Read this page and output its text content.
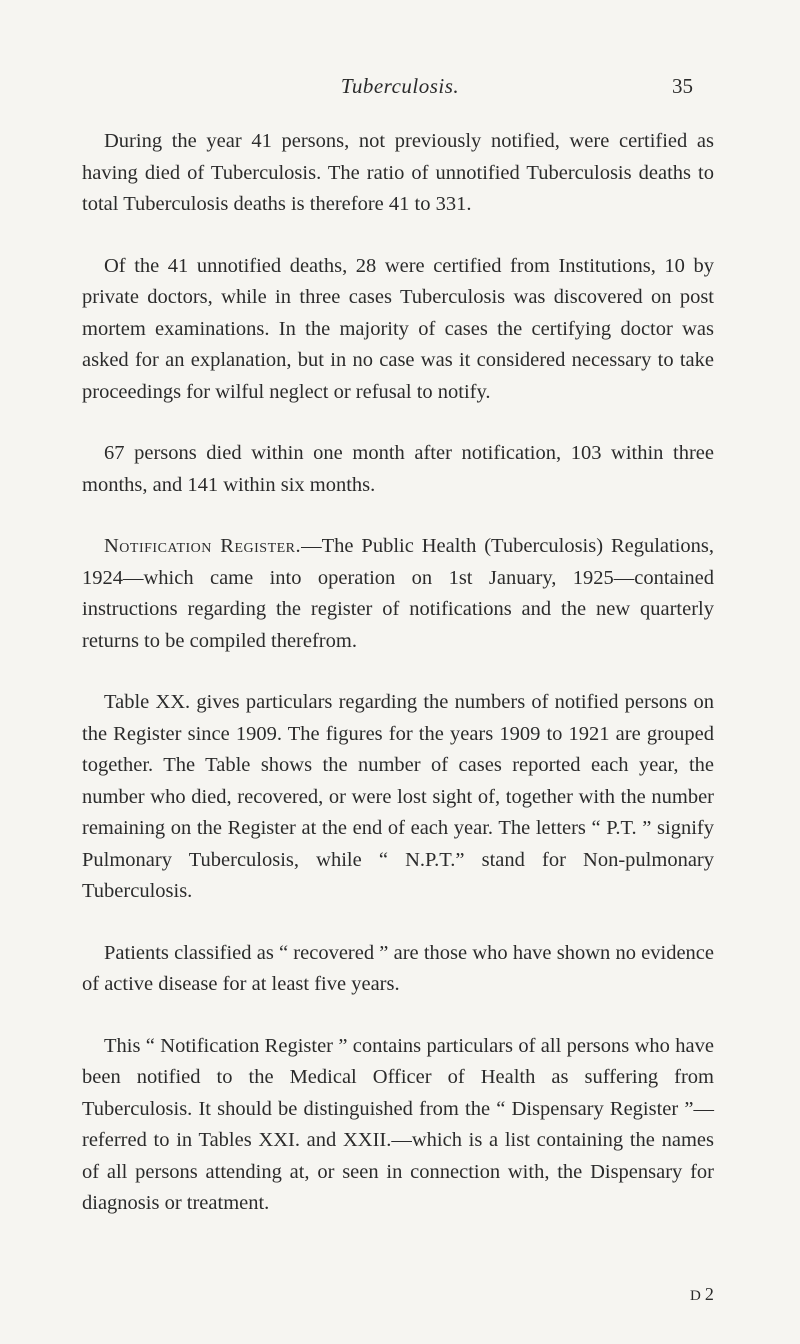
Tuberculosis.	35

During the year 41 persons, not previously notified, were certified as having died of Tuberculosis. The ratio of unnotified Tuberculosis deaths to total Tuberculosis deaths is therefore 41 to 331.

Of the 41 unnotified deaths, 28 were certified from Institutions, 10 by private doctors, while in three cases Tuberculosis was discovered on post mortem examinations. In the majority of cases the certifying doctor was asked for an explanation, but in no case was it considered necessary to take proceedings for wilful neglect or refusal to notify.

67 persons died within one month after notification, 103 within three months, and 141 within six months.

Notification Register.—The Public Health (Tuberculosis) Regulations, 1924—which came into operation on 1st January, 1925—contained instructions regarding the register of notifications and the new quarterly returns to be compiled therefrom.

Table XX. gives particulars regarding the numbers of notified persons on the Register since 1909. The figures for the years 1909 to 1921 are grouped together. The Table shows the number of cases reported each year, the number who died, recovered, or were lost sight of, together with the number remaining on the Register at the end of each year. The letters “ P.T. ” signify Pulmonary Tuberculosis, while “ N.P.T.” stand for Non-pulmonary Tuberculosis.

Patients classified as “ recovered ” are those who have shown no evidence of active disease for at least five years.

This “ Notification Register ” contains particulars of all persons who have been notified to the Medical Officer of Health as suffering from Tuberculosis. It should be distinguished from the “ Dispensary Register ”—referred to in Tables XXI. and XXII.—which is a list containing the names of all persons attending at, or seen in connection with, the Dispensary for diagnosis or treatment.

D 2
